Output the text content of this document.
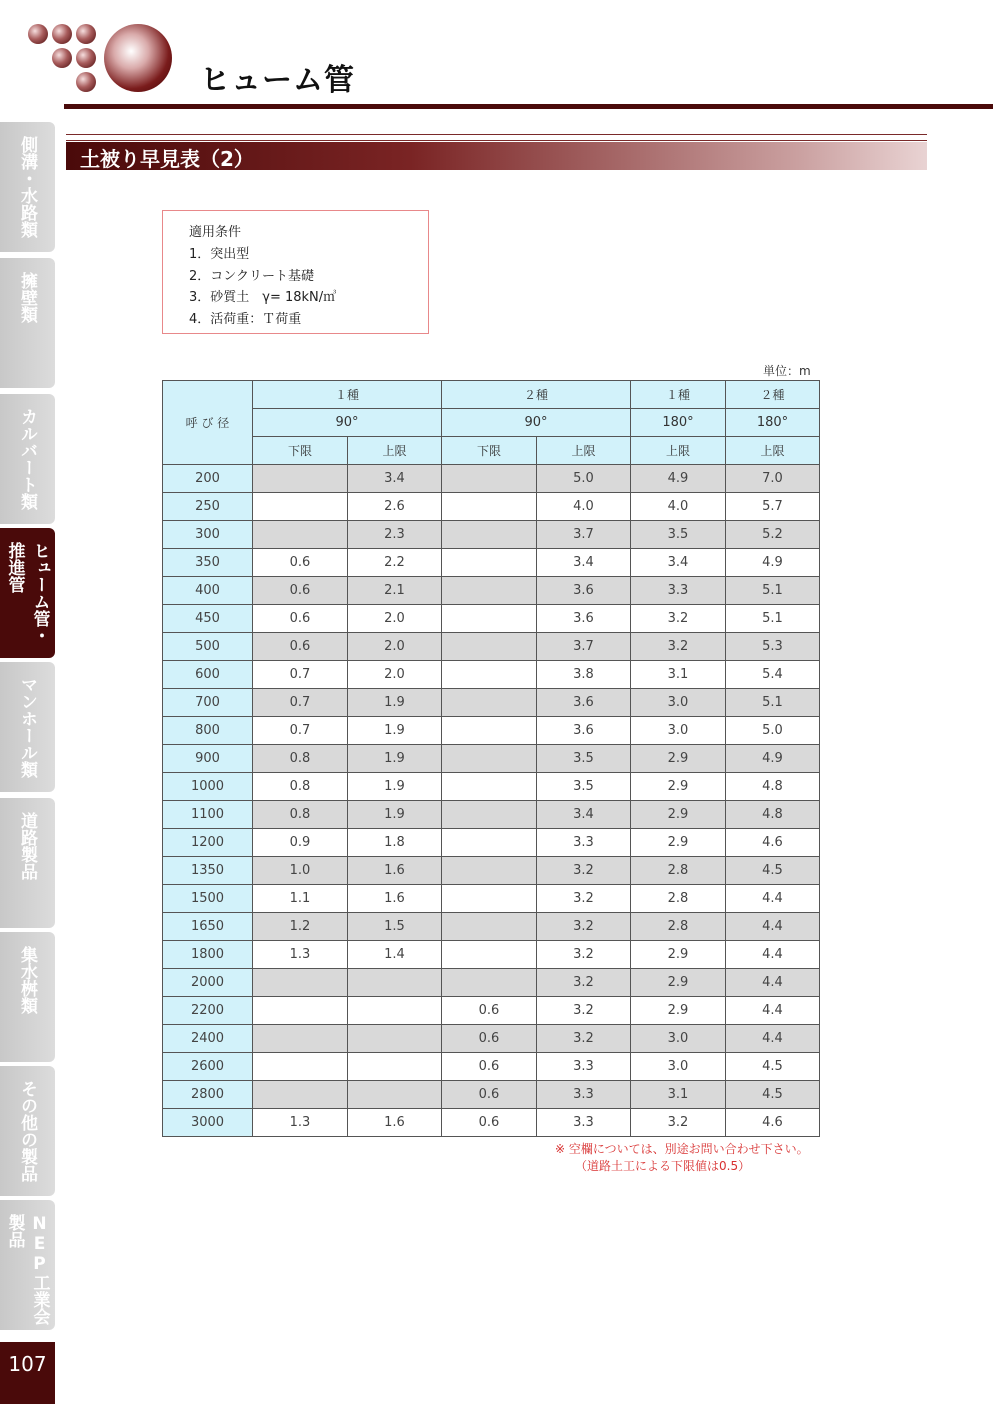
ヒューム管
側溝・水路類
擁壁類
カルバート類
ヒューム管・推進管
マンホール類
道路製品
集水桝類
その他の製品
NEP工業会製品
107
土被り早見表（2）
適用条件
1．突出型
2．コンクリート基礎
3．砂質土　γ= 18kN/㎥
4．活荷重：Ｔ荷重
単位：m
呼 び 径	１種		２種		１種	２種
	90°		90°		180°	180°
	下限	上限	下限	上限	上限	上限
200		3.4		5.0	4.9	7.0
250		2.6		4.0	4.0	5.7
300		2.3		3.7	3.5	5.2
350	0.6	2.2		3.4	3.4	4.9
400	0.6	2.1		3.6	3.3	5.1
450	0.6	2.0		3.6	3.2	5.1
500	0.6	2.0		3.7	3.2	5.3
600	0.7	2.0		3.8	3.1	5.4
700	0.7	1.9		3.6	3.0	5.1
800	0.7	1.9		3.6	3.0	5.0
900	0.8	1.9		3.5	2.9	4.9
1000	0.8	1.9		3.5	2.9	4.8
1100	0.8	1.9		3.4	2.9	4.8
1200	0.9	1.8		3.3	2.9	4.6
1350	1.0	1.6		3.2	2.8	4.5
1500	1.1	1.6		3.2	2.8	4.4
1650	1.2	1.5		3.2	2.8	4.4
1800	1.3	1.4		3.2	2.9	4.4
2000				3.2	2.9	4.4
2200			0.6	3.2	2.9	4.4
2400			0.6	3.2	3.0	4.4
2600			0.6	3.3	3.0	4.5
2800			0.6	3.3	3.1	4.5
3000	1.3	1.6	0.6	3.3	3.2	4.6
※ 空欄については、別途お問い合わせ下さい。
（道路土工による下限値は0.5）
